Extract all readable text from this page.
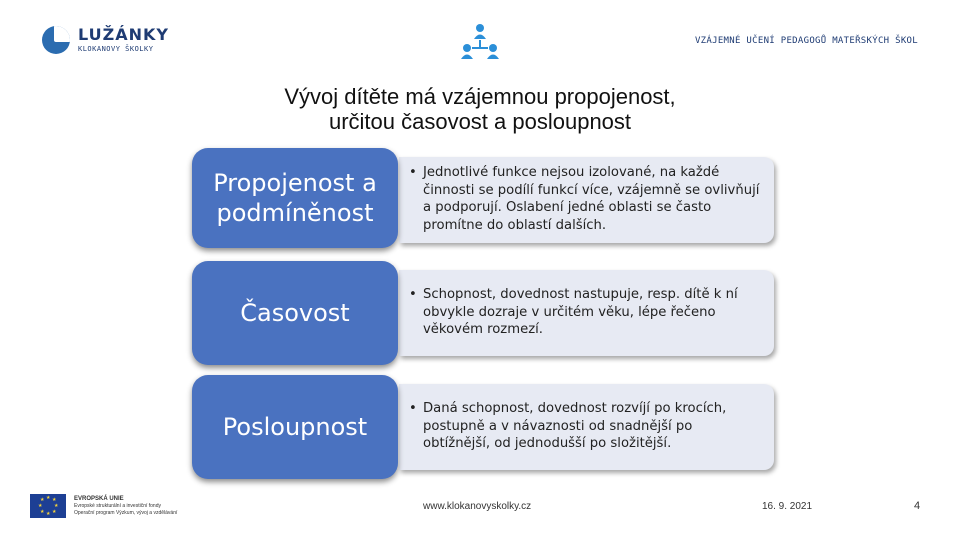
LUŽÁNKY
KLOKANOVY ŠKOLKY
VZÁJEMNÉ UČENÍ PEDAGOGŮ MATEŘSKÝCH ŠKOL
Vývoj dítěte má vzájemnou propojenost,
určitou časovost a posloupnost
• Jednotlivé funkce nejsou izolované, na každé činnosti se podílí funkcí více, vzájemně se ovlivňují a podporují. Oslabení jedné oblasti se často promítne do oblastí dalších.
Propojenost a podmíněnost
• Schopnost, dovednost nastupuje, resp. dítě k ní obvykle dozraje v určitém věku, lépe řečeno věkovém rozmezí.
Časovost
• Daná schopnost, dovednost rozvíjí po krocích, postupně a v návaznosti od snadnější po obtížnější, od jednodušší po složitější.
Posloupnost
★ ★
★
★
★
★
★
★	EVROPSKÁ UNIE
Evropské strukturální a investiční fondy
Operační program Výzkum, vývoj a vzdělávání
www.klokanovyskolky.cz	16. 9. 2021	4
